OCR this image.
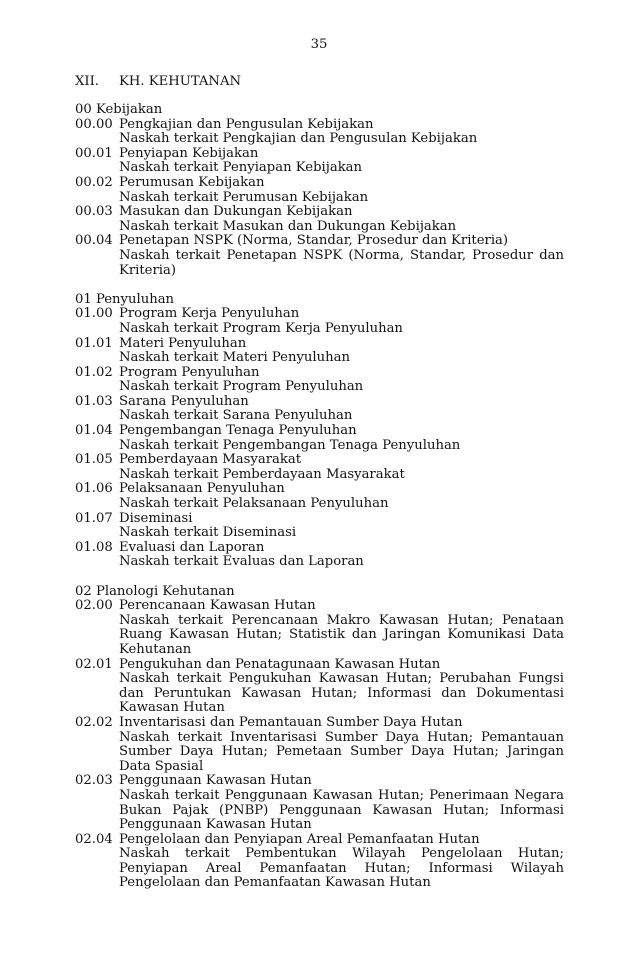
35
XII. KH. KEHUTANAN
00 Kebijakan
00.00 Pengkajian dan Pengusulan Kebijakan
Naskah terkait Pengkajian dan Pengusulan Kebijakan
00.01 Penyiapan Kebijakan
Naskah terkait Penyiapan Kebijakan
00.02 Perumusan Kebijakan
Naskah terkait Perumusan Kebijakan
00.03 Masukan dan Dukungan Kebijakan
Naskah terkait Masukan dan Dukungan Kebijakan
00.04 Penetapan NSPK (Norma, Standar, Prosedur dan Kriteria)
Naskah terkait Penetapan NSPK (Norma, Standar, Prosedur dan Kriteria)
01 Penyuluhan
01.00 Program Kerja Penyuluhan
Naskah terkait Program Kerja Penyuluhan
01.01 Materi Penyuluhan
Naskah terkait Materi Penyuluhan
01.02 Program Penyuluhan
Naskah terkait Program Penyuluhan
01.03 Sarana Penyuluhan
Naskah terkait Sarana Penyuluhan
01.04 Pengembangan Tenaga Penyuluhan
Naskah terkait Pengembangan Tenaga Penyuluhan
01.05 Pemberdayaan Masyarakat
Naskah terkait Pemberdayaan Masyarakat
01.06 Pelaksanaan Penyuluhan
Naskah terkait Pelaksanaan Penyuluhan
01.07 Diseminasi
Naskah terkait Diseminasi
01.08 Evaluasi dan Laporan
Naskah terkait Evaluas dan Laporan
02 Planologi Kehutanan
02.00 Perencanaan Kawasan Hutan
Naskah terkait Perencanaan Makro Kawasan Hutan; Penataan Ruang Kawasan Hutan; Statistik dan Jaringan Komunikasi Data Kehutanan
02.01 Pengukuhan dan Penatagunaan Kawasan Hutan
Naskah terkait Pengukuhan Kawasan Hutan; Perubahan Fungsi dan Peruntukan Kawasan Hutan; Informasi dan Dokumentasi Kawasan Hutan
02.02 Inventarisasi dan Pemantauan Sumber Daya Hutan
Naskah terkait Inventarisasi Sumber Daya Hutan; Pemantauan Sumber Daya Hutan; Pemetaan Sumber Daya Hutan; Jaringan Data Spasial
02.03 Penggunaan Kawasan Hutan
Naskah terkait Penggunaan Kawasan Hutan; Penerimaan Negara Bukan Pajak (PNBP) Penggunaan Kawasan Hutan; Informasi Penggunaan Kawasan Hutan
02.04 Pengelolaan dan Penyiapan Areal Pemanfaatan Hutan
Naskah terkait Pembentukan Wilayah Pengelolaan Hutan; Penyiapan Areal Pemanfaatan Hutan; Informasi Wilayah Pengelolaan dan Pemanfaatan Kawasan Hutan
